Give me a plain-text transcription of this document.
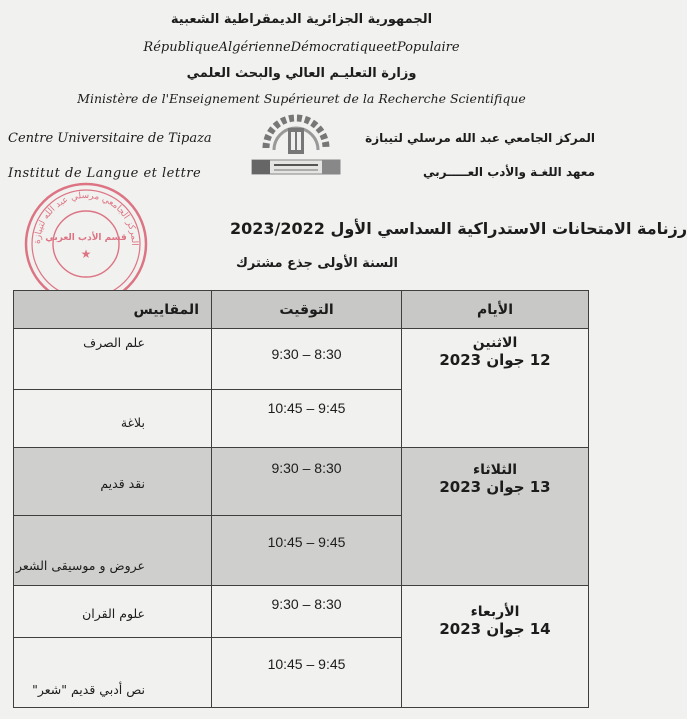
الجمهورية الجزائرية الديمقراطية الشعبية
RépubliqueAlgérienneDémocratiqueetPopulaire
وزارة التعليـم العالي والبحث العلمي
Ministère de l'Enseignement Supérieuret de la Recherche Scientifique
Centre Universitaire de Tipaza
Institut de Langue et lettre
المركز الجامعي عبد الله مرسلي لتيبازة
معهد اللغـة والأدب العـــــربي
المركز الجامعي مرسلي عبد الله لتيبازة
قسم الأدب العربي
★
رزنامة الامتحانات الاستدراكية السداسي الأول 2023/2022
السنة الأولى جذع مشترك
المقاييس	التوقيت	الأيام
علم الصرف	9:30 – 8:30	الاثنين
12 جوان 2023

بلاغة	10:45 – 9:45	
نقد قديم	9:30 – 8:30	الثلاثاء
13 جوان 2023

عروض و موسيقى الشعر	10:45 – 9:45	
علوم القران	9:30 – 8:30	الأربعاء
14 جوان 2023

نص أدبي قديم "شعر"	10:45 – 9:45	
